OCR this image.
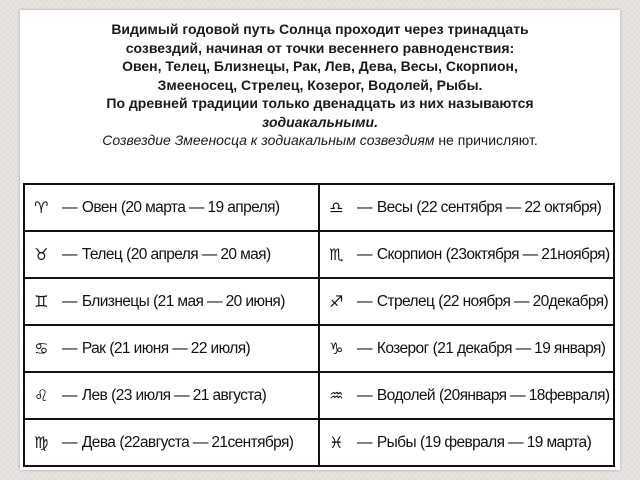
Видимый годовой путь Солнца проходит через тринадцать

созвездий, начиная от точки весеннего равноденствия:

Овен, Телец, Близнецы, Рак, Лев, Дева, Весы, Скорпион,

Змееносец, Стрелец, Козерог, Водолей, Рыбы.

По древней традиции только двенадцать из них называются

зодиакальными.

Созвездие Змееносца к зодиакальным созвездиям не причисляют.

♈ — Овен (20 марта — 19 апреля)	♎ — Весы (22 сентября — 22 октября)

♉ — Телец (20 апреля — 20 мая)	♏ — Скорпион (23октября — 21ноября)

♊ — Близнецы (21 мая — 20 июня)	♐ — Стрелец (22 ноября — 20декабря)

♋ — Рак (21 июня — 22 июля)	♑ — Козерог (21 декабря — 19 января)

♌ — Лев (23 июля — 21 августа)	♒ — Водолей (20января — 18февраля)

♍ — Дева (22августа — 21сентября)	♓ — Рыбы (19 февраля — 19 марта)
